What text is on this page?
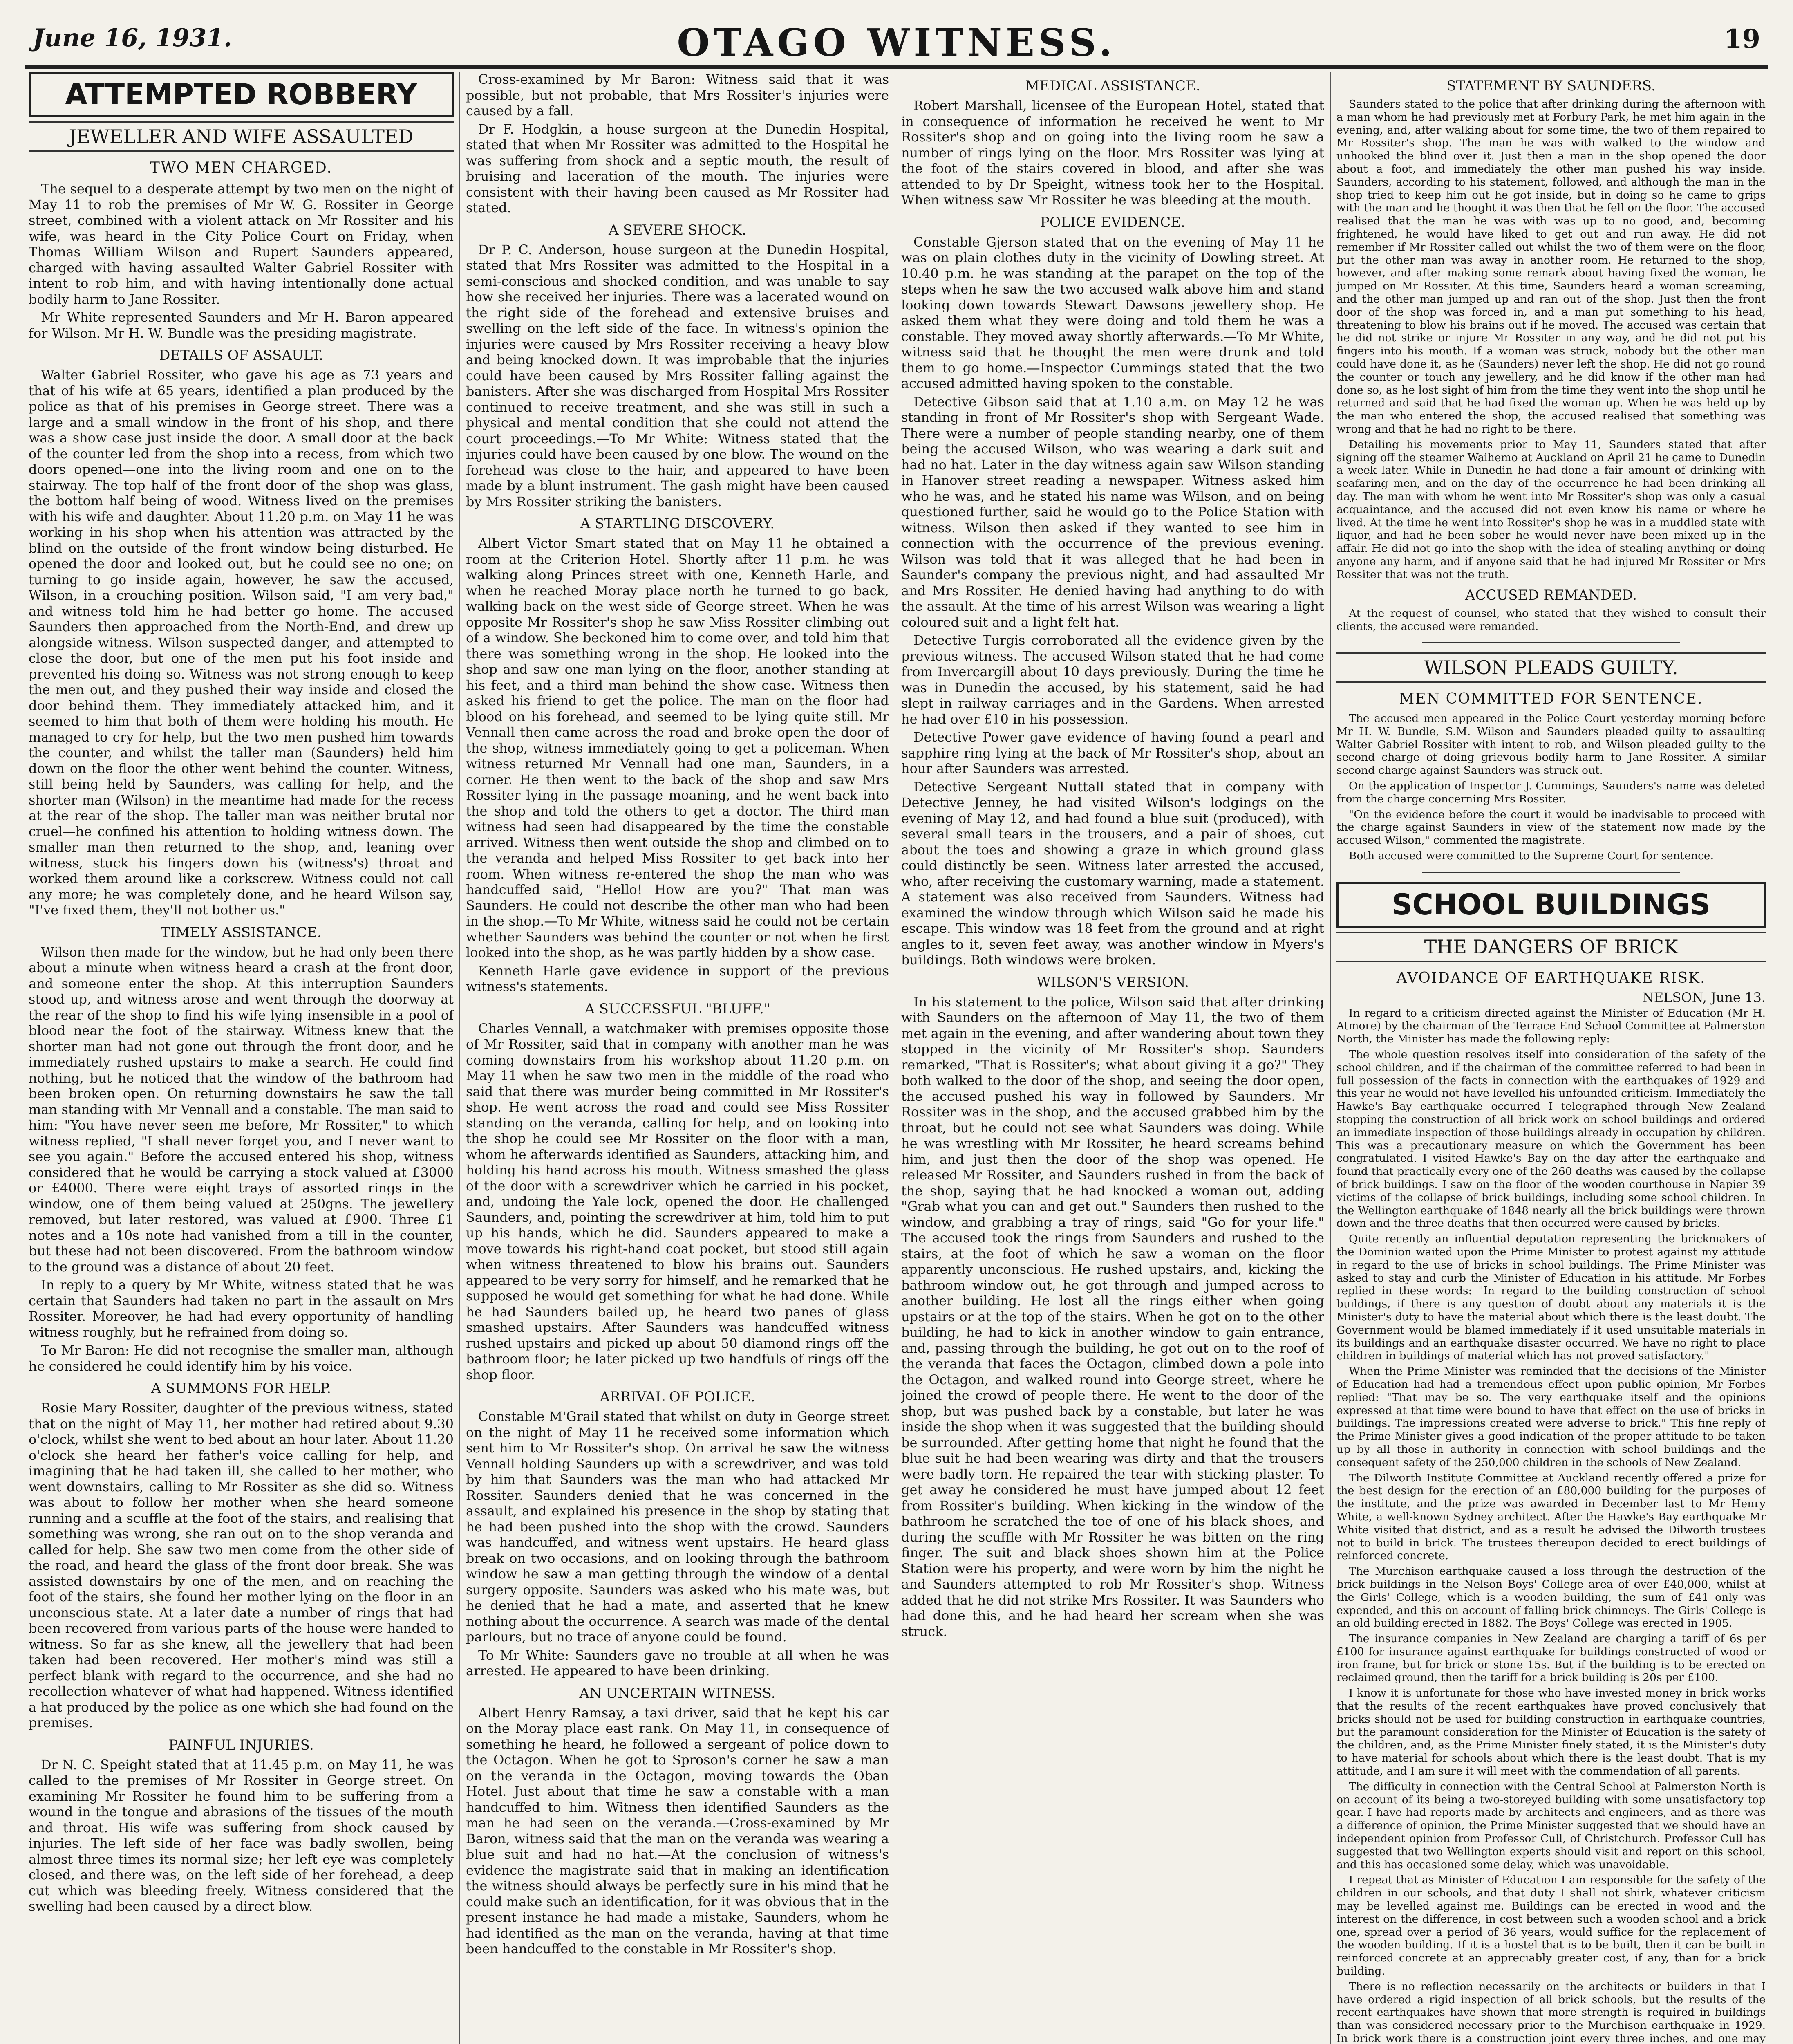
June 16, 1931.	OTAGO WITNESS.	19
ATTEMPTED ROBBERY
JEWELLER AND WIFE ASSAULTED
TWO MEN CHARGED.

The sequel to a desperate attempt by two men on the night of May 11 to rob the premises of Mr W. G. Rossiter in George street, combined with a violent attack on Mr Rossiter and his wife, was heard in the City Police Court on Friday, when Thomas William Wilson and Rupert Saunders appeared, charged with having assaulted Walter Gabriel Rossiter with intent to rob him, and with having intentionally done actual bodily harm to Jane Rossiter.

Mr White represented Saunders and Mr H. Baron appeared for Wilson. Mr H. W. Bundle was the presiding magistrate.

DETAILS OF ASSAULT.

Walter Gabriel Rossiter, who gave his age as 73 years and that of his wife at 65 years, identified a plan produced by the police as that of his premises in George street. There was a large and a small window in the front of his shop, and there was a show case just inside the door. A small door at the back of the counter led from the shop into a recess, from which two doors opened—one into the living room and one on to the stairway. The top half of the front door of the shop was glass, the bottom half being of wood. Witness lived on the premises with his wife and daughter. About 11.20 p.m. on May 11 he was working in his shop when his attention was attracted by the blind on the outside of the front window being disturbed. He opened the door and looked out, but he could see no one; on turning to go inside again, however, he saw the accused, Wilson, in a crouching position. Wilson said, "I am very bad," and witness told him he had better go home. The accused Saunders then approached from the North-End, and drew up alongside witness. Wilson suspected danger, and attempted to close the door, but one of the men put his foot inside and prevented his doing so. Witness was not strong enough to keep the men out, and they pushed their way inside and closed the door behind them. They immediately attacked him, and it seemed to him that both of them were holding his mouth. He managed to cry for help, but the two men pushed him towards the counter, and whilst the taller man (Saunders) held him down on the floor the other went behind the counter. Witness, still being held by Saunders, was calling for help, and the shorter man (Wilson) in the meantime had made for the recess at the rear of the shop. The taller man was neither brutal nor cruel—he confined his attention to holding witness down. The smaller man then returned to the shop, and, leaning over witness, stuck his fingers down his (witness's) throat and worked them around like a corkscrew. Witness could not call any more; he was completely done, and he heard Wilson say, "I've fixed them, they'll not bother us."

TIMELY ASSISTANCE.

Wilson then made for the window, but he had only been there about a minute when witness heard a crash at the front door, and someone enter the shop. At this interruption Saunders stood up, and witness arose and went through the doorway at the rear of the shop to find his wife lying insensible in a pool of blood near the foot of the stairway. Witness knew that the shorter man had not gone out through the front door, and he immediately rushed upstairs to make a search. He could find nothing, but he noticed that the window of the bathroom had been broken open. On returning downstairs he saw the tall man standing with Mr Vennall and a constable. The man said to him: "You have never seen me before, Mr Rossiter," to which witness replied, "I shall never forget you, and I never want to see you again." Before the accused entered his shop, witness considered that he would be carrying a stock valued at £3000 or £4000. There were eight trays of assorted rings in the window, one of them being valued at 250gns. The jewellery removed, but later restored, was valued at £900. Three £1 notes and a 10s note had vanished from a till in the counter, but these had not been discovered. From the bathroom window to the ground was a distance of about 20 feet.

In reply to a query by Mr White, witness stated that he was certain that Saunders had taken no part in the assault on Mrs Rossiter. Moreover, he had had every opportunity of handling witness roughly, but he refrained from doing so.

To Mr Baron: He did not recognise the smaller man, although he considered he could identify him by his voice.

A SUMMONS FOR HELP.

Rosie Mary Rossiter, daughter of the previous witness, stated that on the night of May 11, her mother had retired about 9.30 o'clock, whilst she went to bed about an hour later. About 11.20 o'clock she heard her father's voice calling for help, and imagining that he had taken ill, she called to her mother, who went downstairs, calling to Mr Rossiter as she did so. Witness was about to follow her mother when she heard someone running and a scuffle at the foot of the stairs, and realising that something was wrong, she ran out on to the shop veranda and called for help. She saw two men come from the other side of the road, and heard the glass of the front door break. She was assisted downstairs by one of the men, and on reaching the foot of the stairs, she found her mother lying on the floor in an unconscious state. At a later date a number of rings that had been recovered from various parts of the house were handed to witness. So far as she knew, all the jewellery that had been taken had been recovered. Her mother's mind was still a perfect blank with regard to the occurrence, and she had no recollection whatever of what had happened. Witness identified a hat produced by the police as one which she had found on the premises.

PAINFUL INJURIES.

Dr N. C. Speight stated that at 11.45 p.m. on May 11, he was called to the premises of Mr Rossiter in George street. On examining Mr Rossiter he found him to be suffering from a wound in the tongue and abrasions of the tissues of the mouth and throat. His wife was suffering from shock caused by injuries. The left side of her face was badly swollen, being almost three times its normal size; her left eye was completely closed, and there was, on the left side of her forehead, a deep cut which was bleeding freely. Witness considered that the swelling had been caused by a direct blow.

Cross-examined by Mr Baron: Witness said that it was possible, but not probable, that Mrs Rossiter's injuries were caused by a fall.

Dr F. Hodgkin, a house surgeon at the Dunedin Hospital, stated that when Mr Rossiter was admitted to the Hospital he was suffering from shock and a septic mouth, the result of bruising and laceration of the mouth. The injuries were consistent with their having been caused as Mr Rossiter had stated.

A SEVERE SHOCK.

Dr P. C. Anderson, house surgeon at the Dunedin Hospital, stated that Mrs Rossiter was admitted to the Hospital in a semi-conscious and shocked condition, and was unable to say how she received her injuries. There was a lacerated wound on the right side of the forehead and extensive bruises and swelling on the left side of the face. In witness's opinion the injuries were caused by Mrs Rossiter receiving a heavy blow and being knocked down. It was improbable that the injuries could have been caused by Mrs Rossiter falling against the banisters. After she was discharged from Hospital Mrs Rossiter continued to receive treatment, and she was still in such a physical and mental condition that she could not attend the court proceedings.—To Mr White: Witness stated that the injuries could have been caused by one blow. The wound on the forehead was close to the hair, and appeared to have been made by a blunt instrument. The gash might have been caused by Mrs Rossiter striking the banisters.

A STARTLING DISCOVERY.

Albert Victor Smart stated that on May 11 he obtained a room at the Criterion Hotel. Shortly after 11 p.m. he was walking along Princes street with one, Kenneth Harle, and when he reached Moray place north he turned to go back, walking back on the west side of George street. When he was opposite Mr Rossiter's shop he saw Miss Rossiter climbing out of a window. She beckoned him to come over, and told him that there was something wrong in the shop. He looked into the shop and saw one man lying on the floor, another standing at his feet, and a third man behind the show case. Witness then asked his friend to get the police. The man on the floor had blood on his forehead, and seemed to be lying quite still. Mr Vennall then came across the road and broke open the door of the shop, witness immediately going to get a policeman. When witness returned Mr Vennall had one man, Saunders, in a corner. He then went to the back of the shop and saw Mrs Rossiter lying in the passage moaning, and he went back into the shop and told the others to get a doctor. The third man witness had seen had disappeared by the time the constable arrived. Witness then went outside the shop and climbed on to the veranda and helped Miss Rossiter to get back into her room. When witness re-entered the shop the man who was handcuffed said, "Hello! How are you?" That man was Saunders. He could not describe the other man who had been in the shop.—To Mr White, witness said he could not be certain whether Saunders was behind the counter or not when he first looked into the shop, as he was partly hidden by a show case.

Kenneth Harle gave evidence in support of the previous witness's statements.

A SUCCESSFUL "BLUFF."

Charles Vennall, a watchmaker with premises opposite those of Mr Rossiter, said that in company with another man he was coming downstairs from his workshop about 11.20 p.m. on May 11 when he saw two men in the middle of the road who said that there was murder being committed in Mr Rossiter's shop. He went across the road and could see Miss Rossiter standing on the veranda, calling for help, and on looking into the shop he could see Mr Rossiter on the floor with a man, whom he afterwards identified as Saunders, attacking him, and holding his hand across his mouth. Witness smashed the glass of the door with a screwdriver which he carried in his pocket, and, undoing the Yale lock, opened the door. He challenged Saunders, and, pointing the screwdriver at him, told him to put up his hands, which he did. Saunders appeared to make a move towards his right-hand coat pocket, but stood still again when witness threatened to blow his brains out. Saunders appeared to be very sorry for himself, and he remarked that he supposed he would get something for what he had done. While he had Saunders bailed up, he heard two panes of glass smashed upstairs. After Saunders was handcuffed witness rushed upstairs and picked up about 50 diamond rings off the bathroom floor; he later picked up two handfuls of rings off the shop floor.

ARRIVAL OF POLICE.

Constable M'Grail stated that whilst on duty in George street on the night of May 11 he received some information which sent him to Mr Rossiter's shop. On arrival he saw the witness Vennall holding Saunders up with a screwdriver, and was told by him that Saunders was the man who had attacked Mr Rossiter. Saunders denied that he was concerned in the assault, and explained his presence in the shop by stating that he had been pushed into the shop with the crowd. Saunders was handcuffed, and witness went upstairs. He heard glass break on two occasions, and on looking through the bathroom window he saw a man getting through the window of a dental surgery opposite. Saunders was asked who his mate was, but he denied that he had a mate, and asserted that he knew nothing about the occurrence. A search was made of the dental parlours, but no trace of anyone could be found.

To Mr White: Saunders gave no trouble at all when he was arrested. He appeared to have been drinking.

AN UNCERTAIN WITNESS.

Albert Henry Ramsay, a taxi driver, said that he kept his car on the Moray place east rank. On May 11, in consequence of something he heard, he followed a sergeant of police down to the Octagon. When he got to Sproson's corner he saw a man on the veranda in the Octagon, moving towards the Oban Hotel. Just about that time he saw a constable with a man handcuffed to him. Witness then identified Saunders as the man he had seen on the veranda.—Cross-examined by Mr Baron, witness said that the man on the veranda was wearing a blue suit and had no hat.—At the conclusion of witness's evidence the magistrate said that in making an identification the witness should always be perfectly sure in his mind that he could make such an identification, for it was obvious that in the present instance he had made a mistake, Saunders, whom he had identified as the man on the veranda, having at that time been handcuffed to the constable in Mr Rossiter's shop.

MEDICAL ASSISTANCE.

Robert Marshall, licensee of the European Hotel, stated that in consequence of information he received he went to Mr Rossiter's shop and on going into the living room he saw a number of rings lying on the floor. Mrs Rossiter was lying at the foot of the stairs covered in blood, and after she was attended to by Dr Speight, witness took her to the Hospital. When witness saw Mr Rossiter he was bleeding at the mouth.

POLICE EVIDENCE.

Constable Gjerson stated that on the evening of May 11 he was on plain clothes duty in the vicinity of Dowling street. At 10.40 p.m. he was standing at the parapet on the top of the steps when he saw the two accused walk above him and stand looking down towards Stewart Dawsons jewellery shop. He asked them what they were doing and told them he was a constable. They moved away shortly afterwards.—To Mr White, witness said that he thought the men were drunk and told them to go home.—Inspector Cummings stated that the two accused admitted having spoken to the constable.

Detective Gibson said that at 1.10 a.m. on May 12 he was standing in front of Mr Rossiter's shop with Sergeant Wade. There were a number of people standing nearby, one of them being the accused Wilson, who was wearing a dark suit and had no hat. Later in the day witness again saw Wilson standing in Hanover street reading a newspaper. Witness asked him who he was, and he stated his name was Wilson, and on being questioned further, said he would go to the Police Station with witness. Wilson then asked if they wanted to see him in connection with the occurrence of the previous evening. Wilson was told that it was alleged that he had been in Saunder's company the previous night, and had assaulted Mr and Mrs Rossiter. He denied having had anything to do with the assault. At the time of his arrest Wilson was wearing a light coloured suit and a light felt hat.

Detective Turgis corroborated all the evidence given by the previous witness. The accused Wilson stated that he had come from Invercargill about 10 days previously. During the time he was in Dunedin the accused, by his statement, said he had slept in railway carriages and in the Gardens. When arrested he had over £10 in his possession.

Detective Power gave evidence of having found a pearl and sapphire ring lying at the back of Mr Rossiter's shop, about an hour after Saunders was arrested.

Detective Sergeant Nuttall stated that in company with Detective Jenney, he had visited Wilson's lodgings on the evening of May 12, and had found a blue suit (produced), with several small tears in the trousers, and a pair of shoes, cut about the toes and showing a graze in which ground glass could distinctly be seen. Witness later arrested the accused, who, after receiving the customary warning, made a statement. A statement was also received from Saunders. Witness had examined the window through which Wilson said he made his escape. This window was 18 feet from the ground and at right angles to it, seven feet away, was another window in Myers's buildings. Both windows were broken.

WILSON'S VERSION.

In his statement to the police, Wilson said that after drinking with Saunders on the afternoon of May 11, the two of them met again in the evening, and after wandering about town they stopped in the vicinity of Mr Rossiter's shop. Saunders remarked, "That is Rossiter's; what about giving it a go?" They both walked to the door of the shop, and seeing the door open, the accused pushed his way in followed by Saunders. Mr Rossiter was in the shop, and the accused grabbed him by the throat, but he could not see what Saunders was doing. While he was wrestling with Mr Rossiter, he heard screams behind him, and just then the door of the shop was opened. He released Mr Rossiter, and Saunders rushed in from the back of the shop, saying that he had knocked a woman out, adding "Grab what you can and get out." Saunders then rushed to the window, and grabbing a tray of rings, said "Go for your life." The accused took the rings from Saunders and rushed to the stairs, at the foot of which he saw a woman on the floor apparently unconscious. He rushed upstairs, and, kicking the bathroom window out, he got through and jumped across to another building. He lost all the rings either when going upstairs or at the top of the stairs. When he got on to the other building, he had to kick in another window to gain entrance, and, passing through the building, he got out on to the roof of the veranda that faces the Octagon, climbed down a pole into the Octagon, and walked round into George street, where he joined the crowd of people there. He went to the door of the shop, but was pushed back by a constable, but later he was inside the shop when it was suggested that the building should be surrounded. After getting home that night he found that the blue suit he had been wearing was dirty and that the trousers were badly torn. He repaired the tear with sticking plaster. To get away he considered he must have jumped about 12 feet from Rossiter's building. When kicking in the window of the bathroom he scratched the toe of one of his black shoes, and during the scuffle with Mr Rossiter he was bitten on the ring finger. The suit and black shoes shown him at the Police Station were his property, and were worn by him the night he and Saunders attempted to rob Mr Rossiter's shop. Witness added that he did not strike Mrs Rossiter. It was Saunders who had done this, and he had heard her scream when she was struck.

STATEMENT BY SAUNDERS.

Saunders stated to the police that after drinking during the afternoon with a man whom he had previously met at Forbury Park, he met him again in the evening, and, after walking about for some time, the two of them repaired to Mr Rossiter's shop. The man he was with walked to the window and unhooked the blind over it. Just then a man in the shop opened the door about a foot, and immediately the other man pushed his way inside. Saunders, according to his statement, followed, and although the man in the shop tried to keep him out he got inside, but in doing so he came to grips with the man and he thought it was then that he fell on the floor. The accused realised that the man he was with was up to no good, and, becoming frightened, he would have liked to get out and run away. He did not remember if Mr Rossiter called out whilst the two of them were on the floor, but the other man was away in another room. He returned to the shop, however, and after making some remark about having fixed the woman, he jumped on Mr Rossiter. At this time, Saunders heard a woman screaming, and the other man jumped up and ran out of the shop. Just then the front door of the shop was forced in, and a man put something to his head, threatening to blow his brains out if he moved. The accused was certain that he did not strike or injure Mr Rossiter in any way, and he did not put his fingers into his mouth. If a woman was struck, nobody but the other man could have done it, as he (Saunders) never left the shop. He did not go round the counter or touch any jewellery, and he did know if the other man had done so, as he lost sight of him from the time they went into the shop until he returned and said that he had fixed the woman up. When he was held up by the man who entered the shop, the accused realised that something was wrong and that he had no right to be there.

Detailing his movements prior to May 11, Saunders stated that after signing off the steamer Waihemo at Auckland on April 21 he came to Dunedin a week later. While in Dunedin he had done a fair amount of drinking with seafaring men, and on the day of the occurrence he had been drinking all day. The man with whom he went into Mr Rossiter's shop was only a casual acquaintance, and the accused did not even know his name or where he lived. At the time he went into Rossiter's shop he was in a muddled state with liquor, and had he been sober he would never have been mixed up in the affair. He did not go into the shop with the idea of stealing anything or doing anyone any harm, and if anyone said that he had injured Mr Rossiter or Mrs Rossiter that was not the truth.

ACCUSED REMANDED.

At the request of counsel, who stated that they wished to consult their clients, the accused were remanded.

WILSON PLEADS GUILTY.
MEN COMMITTED FOR SENTENCE.

The accused men appeared in the Police Court yesterday morning before Mr H. W. Bundle, S.M. Wilson and Saunders pleaded guilty to assaulting Walter Gabriel Rossiter with intent to rob, and Wilson pleaded guilty to the second charge of doing grievous bodily harm to Jane Rossiter. A similar second charge against Saunders was struck out.

On the application of Inspector J. Cummings, Saunders's name was deleted from the charge concerning Mrs Rossiter.

"On the evidence before the court it would be inadvisable to proceed with the charge against Saunders in view of the statement now made by the accused Wilson," commented the magistrate.

Both accused were committed to the Supreme Court for sentence.

SCHOOL BUILDINGS
THE DANGERS OF BRICK
AVOIDANCE OF EARTHQUAKE RISK.
NELSON, June 13.

In regard to a criticism directed against the Minister of Education (Mr H. Atmore) by the chairman of the Terrace End School Committee at Palmerston North, the Minister has made the following reply:

The whole question resolves itself into consideration of the safety of the school children, and if the chairman of the committee referred to had been in full possession of the facts in connection with the earthquakes of 1929 and this year he would not have levelled his unfounded criticism. Immediately the Hawke's Bay earthquake occurred I telegraphed through New Zealand stopping the construction of all brick work on school buildings and ordered an immediate inspection of those buildings already in occupation by children. This was a precautionary measure on which the Government has been congratulated. I visited Hawke's Bay on the day after the earthquake and found that practically every one of the 260 deaths was caused by the collapse of brick buildings. I saw on the floor of the wooden courthouse in Napier 39 victims of the collapse of brick buildings, including some school children. In the Wellington earthquake of 1848 nearly all the brick buildings were thrown down and the three deaths that then occurred were caused by bricks.

Quite recently an influential deputation representing the brickmakers of the Dominion waited upon the Prime Minister to protest against my attitude in regard to the use of bricks in school buildings. The Prime Minister was asked to stay and curb the Minister of Education in his attitude. Mr Forbes replied in these words: "In regard to the building construction of school buildings, if there is any question of doubt about any materials it is the Minister's duty to have the material about which there is the least doubt. The Government would be blamed immediately if it used unsuitable materials in its buildings and an earthquake disaster occurred. We have no right to place children in buildings of material which has not proved satisfactory."

When the Prime Minister was reminded that the decisions of the Minister of Education had had a tremendous effect upon public opinion, Mr Forbes replied: "That may be so. The very earthquake itself and the opinions expressed at that time were bound to have that effect on the use of bricks in buildings. The impressions created were adverse to brick." This fine reply of the Prime Minister gives a good indication of the proper attitude to be taken up by all those in authority in connection with school buildings and the consequent safety of the 250,000 children in the schools of New Zealand.

The Dilworth Institute Committee at Auckland recently offered a prize for the best design for the erection of an £80,000 building for the purposes of the institute, and the prize was awarded in December last to Mr Henry White, a well-known Sydney architect. After the Hawke's Bay earthquake Mr White visited that district, and as a result he advised the Dilworth trustees not to build in brick. The trustees thereupon decided to erect buildings of reinforced concrete.

The Murchison earthquake caused a loss through the destruction of the brick buildings in the Nelson Boys' College area of over £40,000, whilst at the Girls' College, which is a wooden building, the sum of £41 only was expended, and this on account of falling brick chimneys. The Girls' College is an old building erected in 1882. The Boys' College was erected in 1905.

The insurance companies in New Zealand are charging a tariff of 6s per £100 for insurance against earthquake for buildings constructed of wood or iron frame, but for brick or stone 15s. But if the building is to be erected on reclaimed ground, then the tariff for a brick building is 20s per £100.

I know it is unfortunate for those who have invested money in brick works that the results of the recent earthquakes have proved conclusively that bricks should not be used for building construction in earthquake countries, but the paramount consideration for the Minister of Education is the safety of the children, and, as the Prime Minister finely stated, it is the Minister's duty to have material for schools about which there is the least doubt. That is my attitude, and I am sure it will meet with the commendation of all parents.

The difficulty in connection with the Central School at Palmerston North is on account of its being a two-storeyed building with some unsatisfactory top gear. I have had reports made by architects and engineers, and as there was a difference of opinion, the Prime Minister suggested that we should have an independent opinion from Professor Cull, of Christchurch. Professor Cull has suggested that two Wellington experts should visit and report on this school, and this has occasioned some delay, which was unavoidable.

I repeat that as Minister of Education I am responsible for the safety of the children in our schools, and that duty I shall not shirk, whatever criticism may be levelled against me. Buildings can be erected in wood and the interest on the difference, in cost between such a wooden school and a brick one, spread over a period of 36 years, would suffice for the replacement of the wooden building. If it is a hostel that is to be built, then it can be built in reinforced concrete at an appreciably greater cost, if any, than for a brick building.

There is no reflection necessarily on the architects or builders in that I have ordered a rigid inspection of all brick schools, but the results of the recent earthquakes have shown that more strength is required in buildings than was considered necessary prior to the Murchison earthquake in 1929. In brick work there is a construction joint every three inches, and one may
